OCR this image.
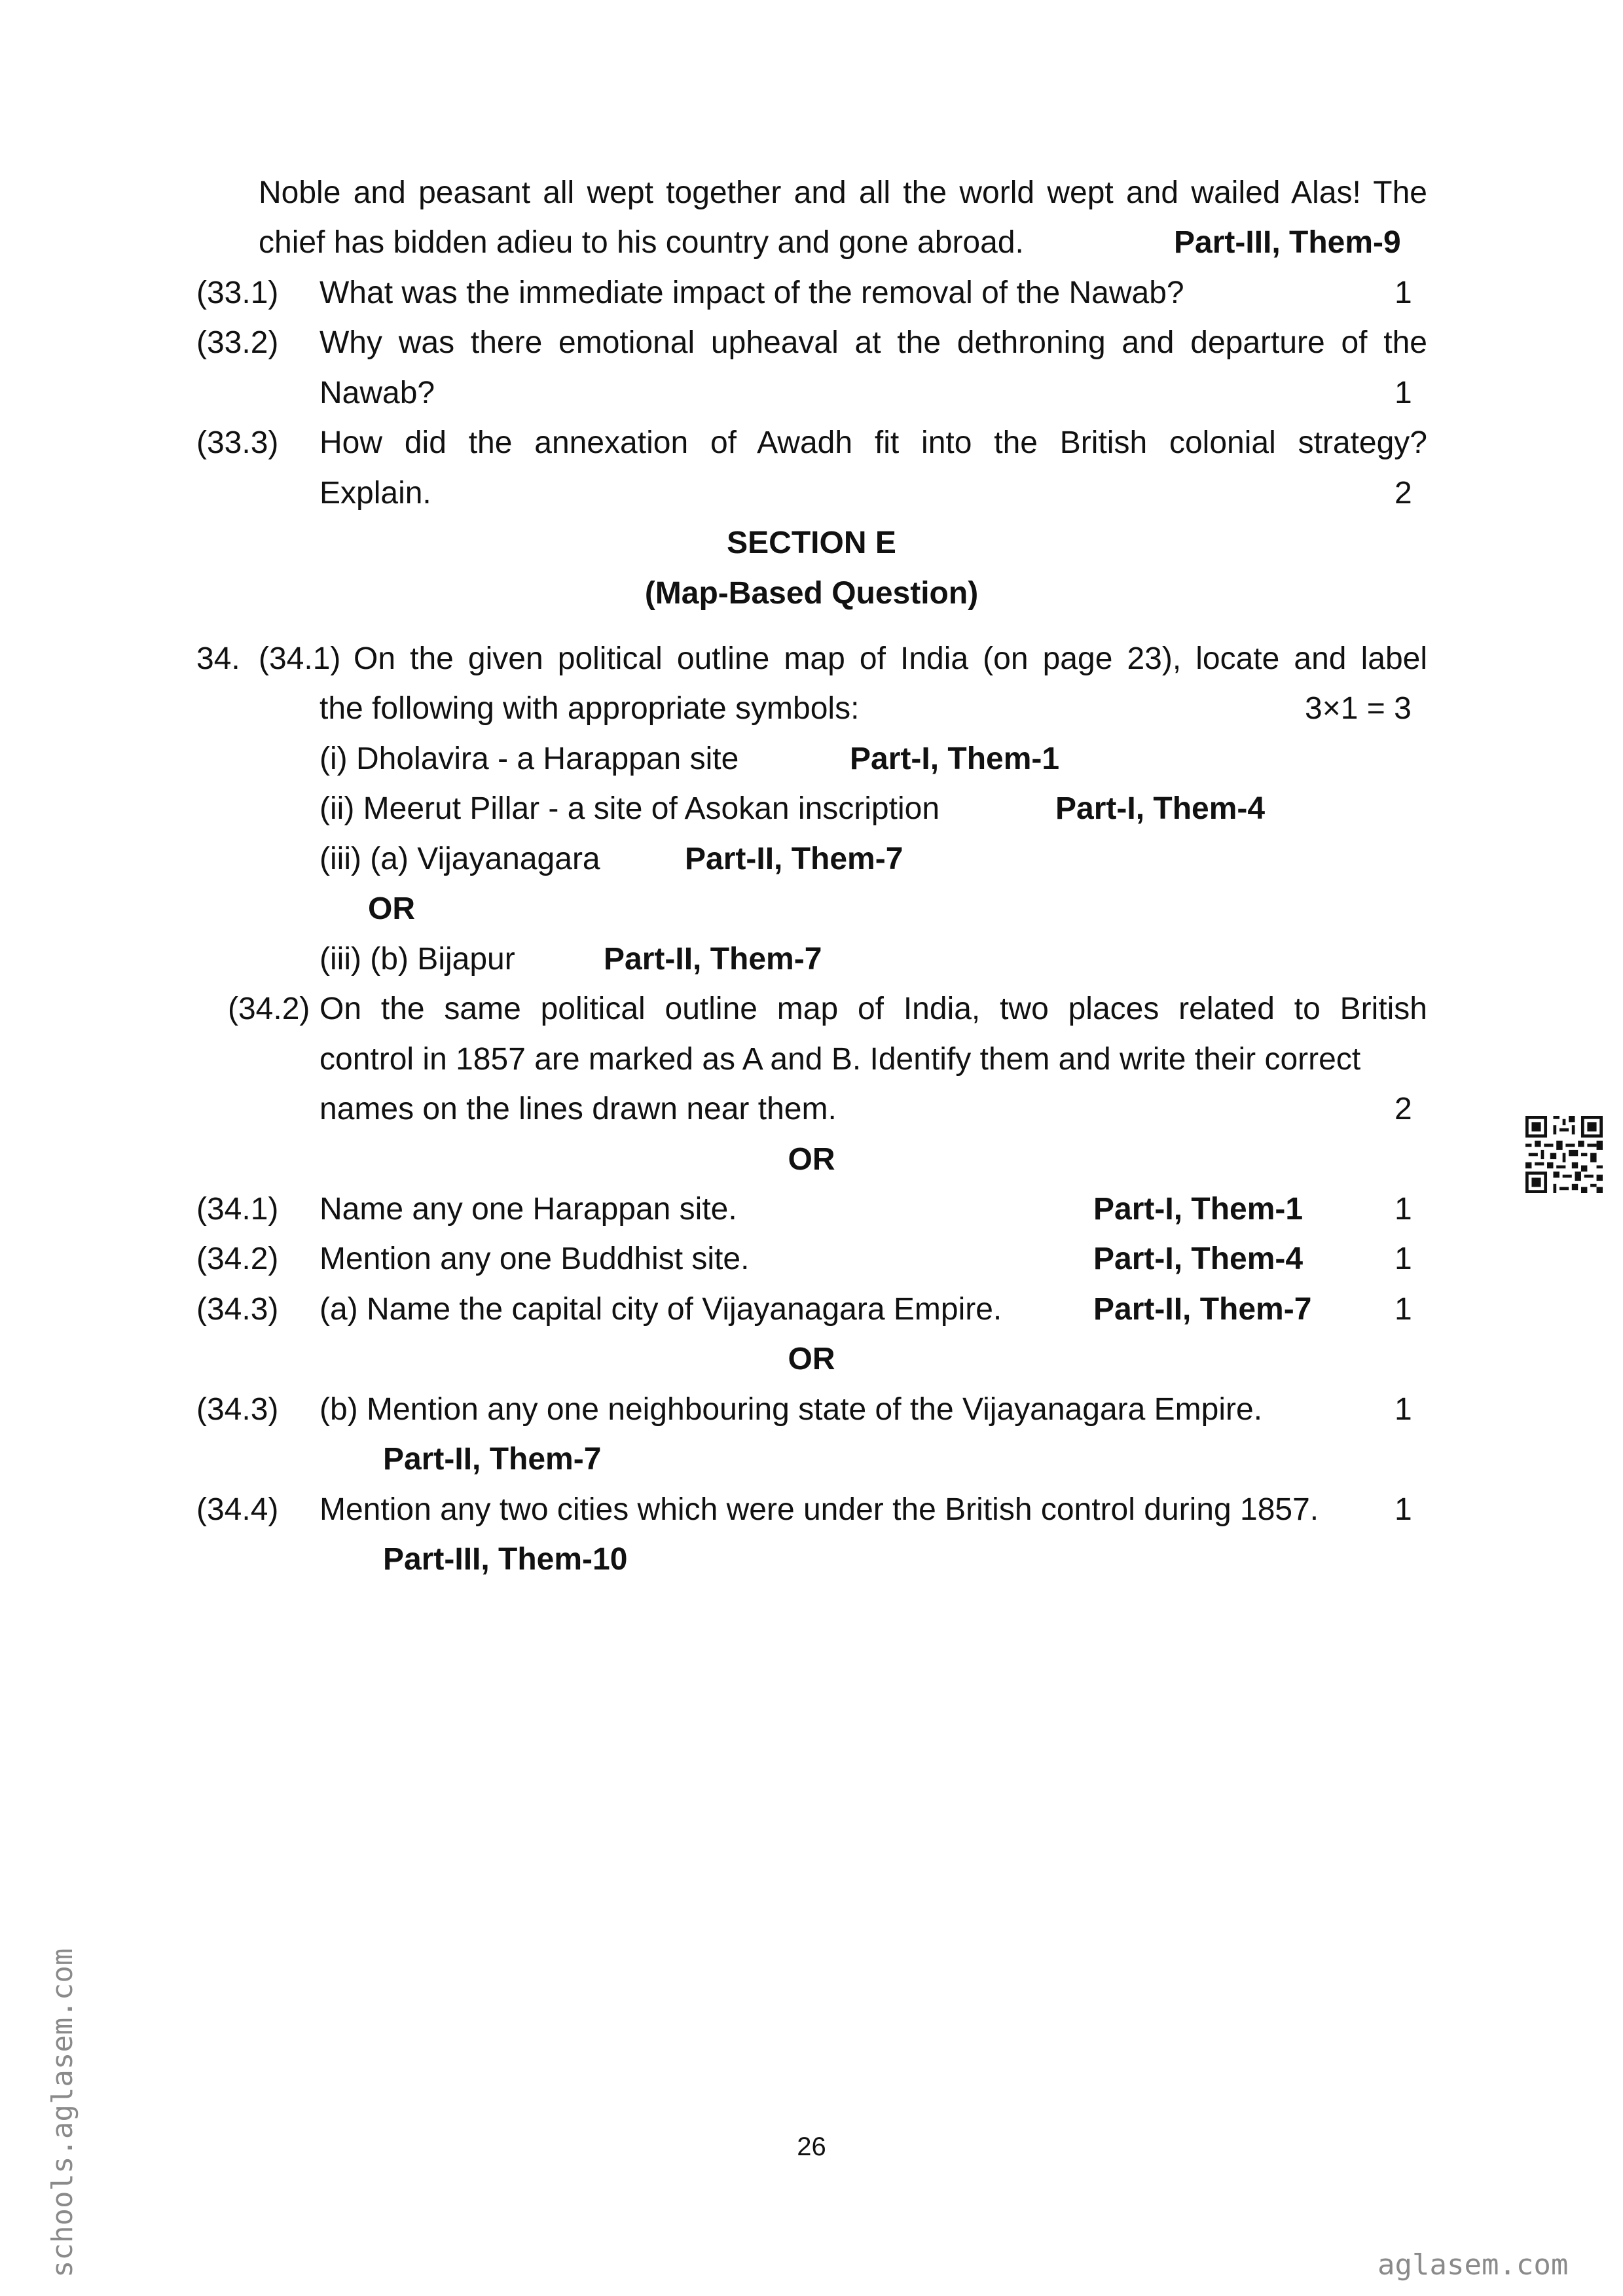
Noble and peasant all wept together and all the world wept and wailed Alas! The
chief has bidden adieu to his country and gone abroad.	Part-III, Them-9
(33.1) What was the immediate impact of the removal of the Nawab?	1
(33.2) Why was there emotional upheaval at the dethroning and departure of the
Nawab?	1
(33.3) How did the annexation of Awadh fit into the British colonial strategy?
Explain.	2
SECTION E
(Map-Based Question)
34. (34.1) On the given political outline map of India (on page 23), locate and label
the following with appropriate symbols:	3×1 = 3
(i) Dholavira - a Harappan site	Part-I, Them-1
(ii) Meerut Pillar - a site of Asokan inscription	Part-I, Them-4
(iii) (a) Vijayanagara	Part-II, Them-7
OR
(iii) (b) Bijapur	Part-II, Them-7
(34.2) On the same political outline map of India, two places related to British
control in 1857 are marked as A and B. Identify them and write their correct
names on the lines drawn near them.	2
OR
(34.1) Name any one Harappan site.	Part-I, Them-1	1
(34.2) Mention any one Buddhist site.	Part-I, Them-4	1
(34.3) (a) Name the capital city of Vijayanagara Empire.	Part-II, Them-7	1
OR
(34.3) (b) Mention any one neighbouring state of the Vijayanagara Empire.	1
Part-II, Them-7
(34.4) Mention any two cities which were under the British control during 1857. 1
Part-III, Them-10
26
aglasem.com
schools.aglasem.com
